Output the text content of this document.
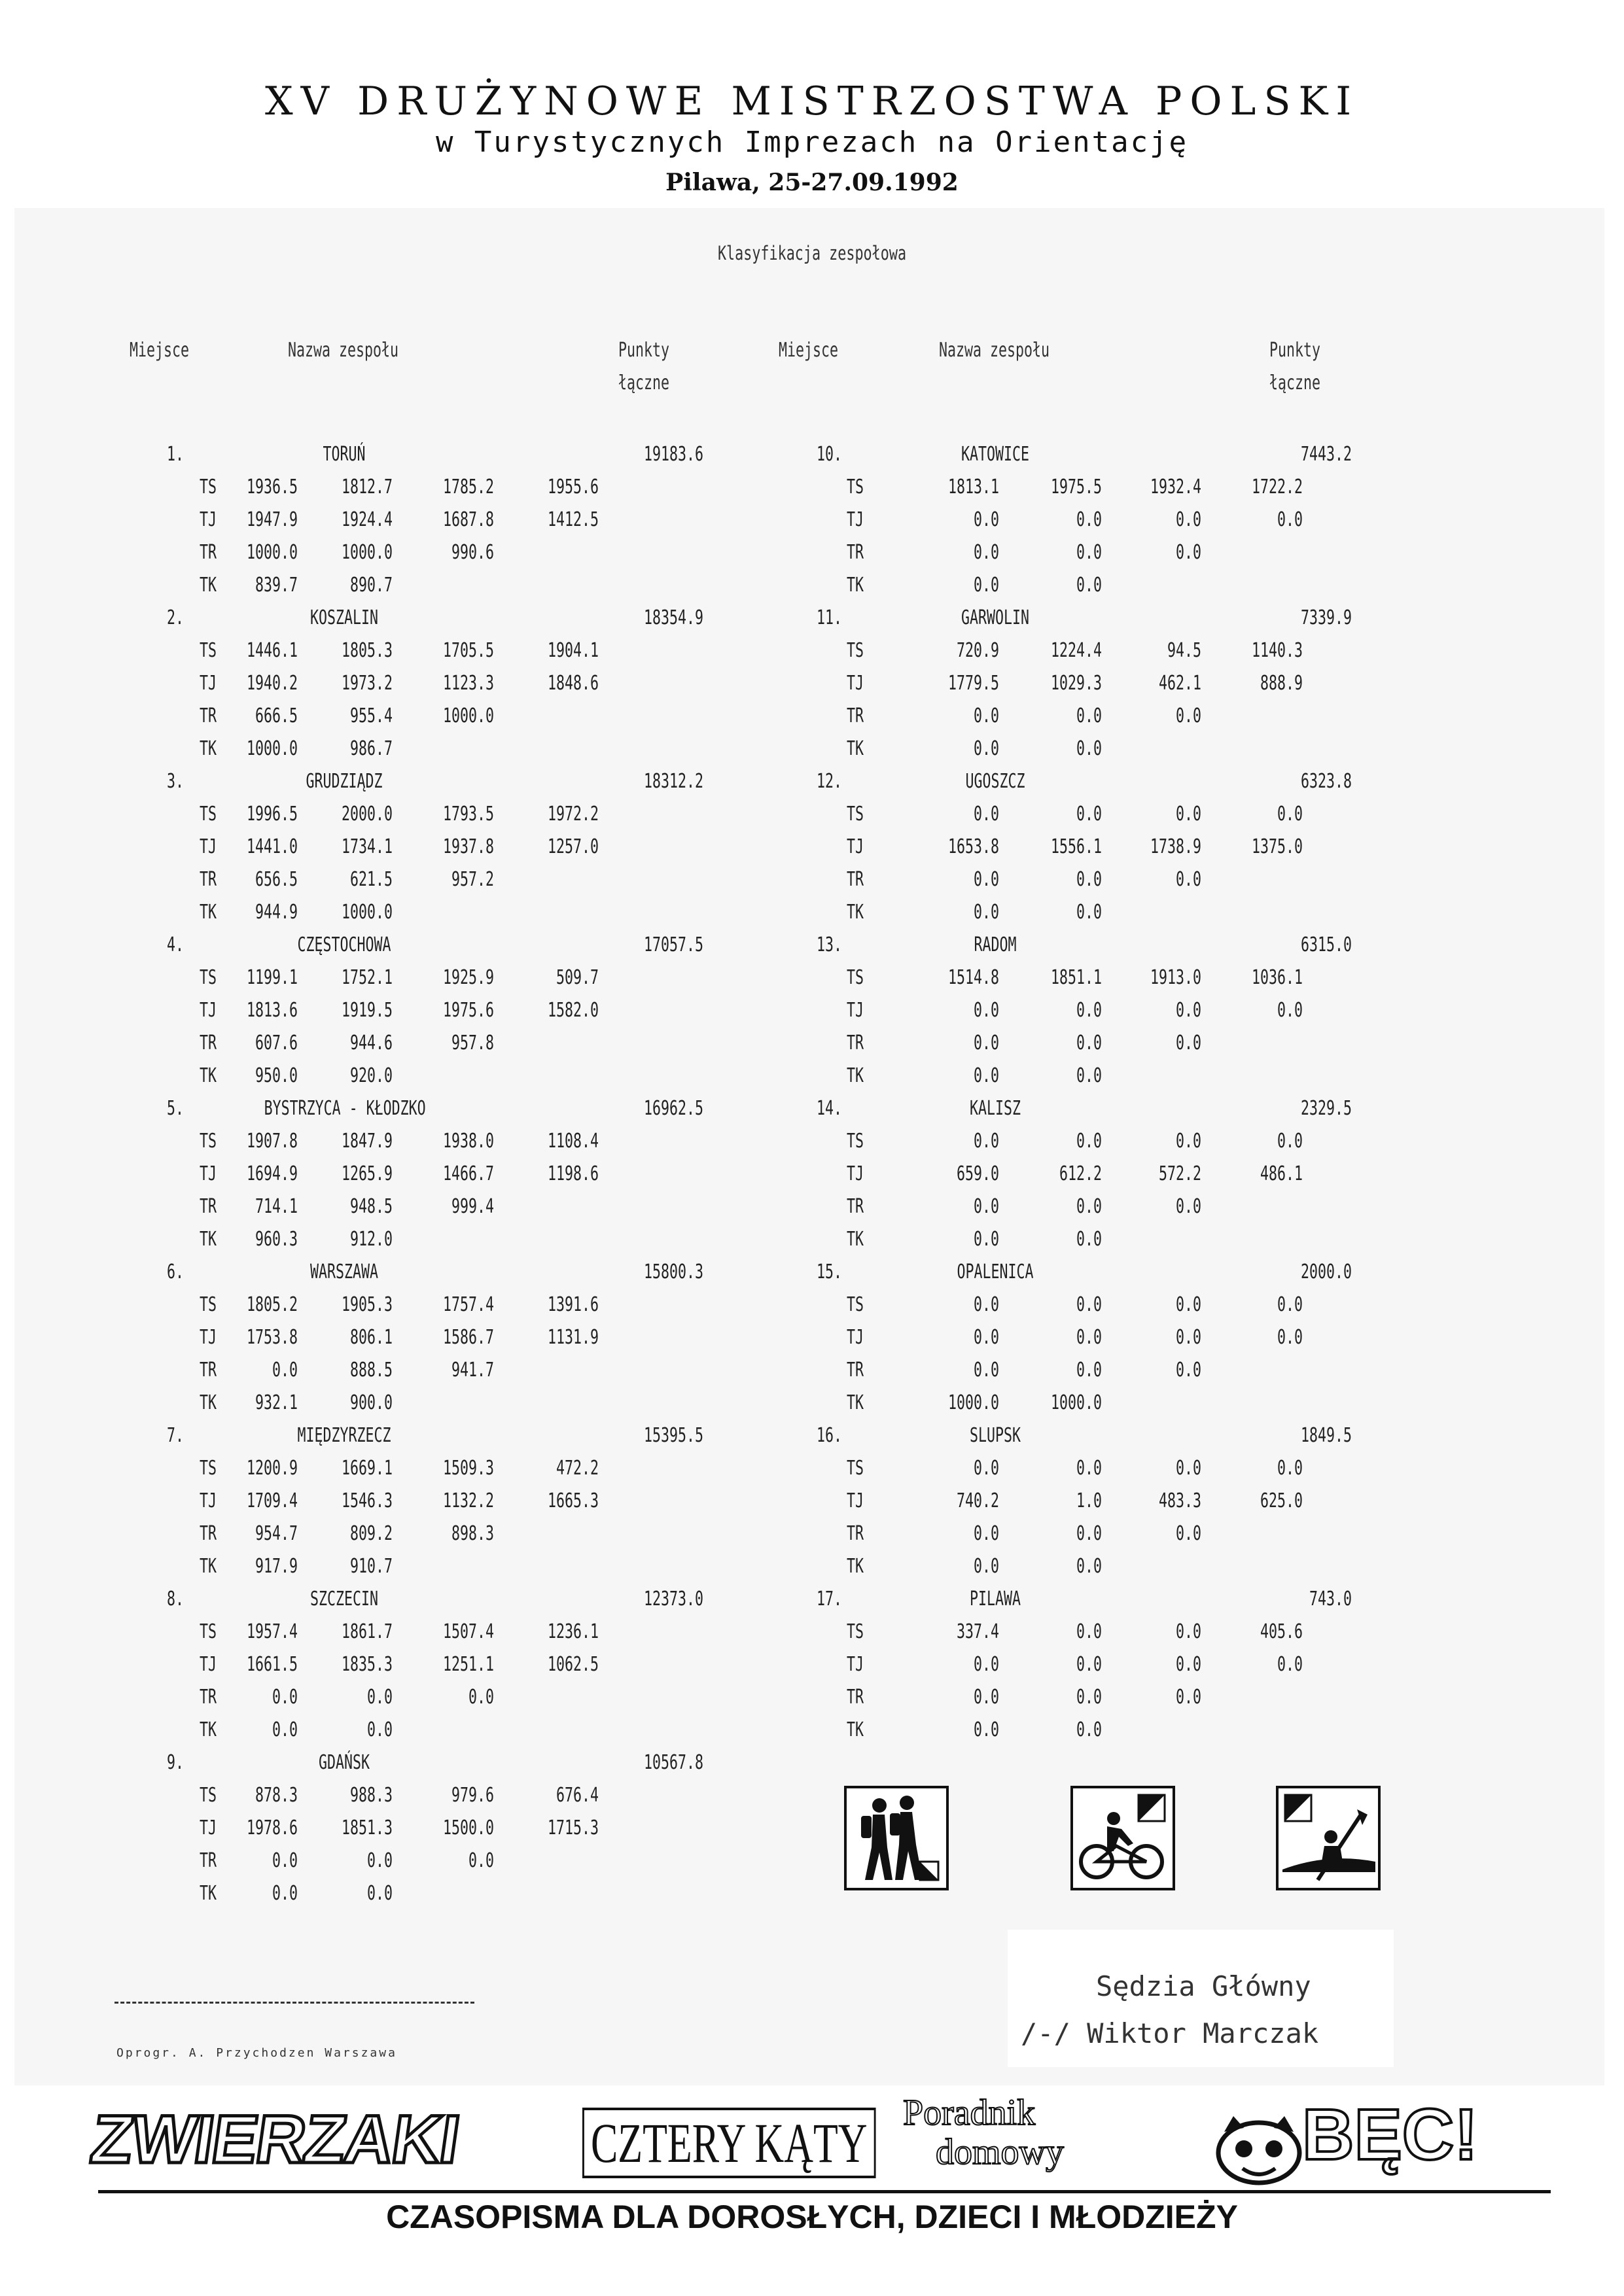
XV DRUŻYNOWE MISTRZOSTWA POLSKI
w Turystycznych Imprezach na Orientację
Pilawa, 25-27.09.1992
Klasyfikacja zespołowa
Miejsce	Nazwa zespołu	Punkty
łączne
Miejsce	Nazwa zespołu	Punkty
łączne
1.	TORUŃ	19183.6
TS 1936.5 1812.7	1785.2	1955.6
TJ 1947.9 1924.4	1687.8	1412.5
TR 1000.0 1000.0	990.6
TK	839.7	890.7
2.	KOSZALIN	18354.9
TS 1446.1 1805.3	1705.5	1904.1
TJ 1940.2 1973.2	1123.3	1848.6
TR	666.5	955.4	1000.0
TK 1000.0	986.7
3.	GRUDZIĄDZ	18312.2
TS 1996.5 2000.0	1793.5	1972.2
TJ 1441.0 1734.1	1937.8	1257.0
TR	656.5	621.5	957.2
TK	944.9 1000.0
4.	CZĘSTOCHOWA	17057.5
TS 1199.1 1752.1	1925.9	509.7
TJ 1813.6 1919.5	1975.6	1582.0
TR	607.6	944.6	957.8
TK	950.0	920.0
5.	BYSTRZYCA - KŁODZKO	16962.5
TS 1907.8 1847.9	1938.0	1108.4
TJ 1694.9 1265.9	1466.7	1198.6
TR	714.1	948.5	999.4
TK	960.3	912.0
6.	WARSZAWA	15800.3
TS 1805.2 1905.3	1757.4	1391.6
TJ 1753.8	806.1	1586.7	1131.9
TR	0.0	888.5	941.7
TK	932.1	900.0
7.	MIĘDZYRZECZ	15395.5
TS 1200.9 1669.1	1509.3	472.2
TJ 1709.4 1546.3	1132.2	1665.3
TR	954.7	809.2	898.3
TK	917.9	910.7
8.	SZCZECIN	12373.0
TS 1957.4 1861.7	1507.4	1236.1
TJ 1661.5 1835.3	1251.1	1062.5
TR	0.0	0.0	0.0
TK	0.0	0.0
9.	GDAŃSK	10567.8
TS	878.3	988.3	979.6	676.4
TJ 1978.6 1851.3	1500.0	1715.3
TR	0.0	0.0	0.0
TK	0.0	0.0
10.	KATOWICE	7443.2
TS	1813.1	1975.5 1932.4	1722.2
TJ	0.0	0.0	0.0	0.0
TR	0.0	0.0	0.0
TK	0.0	0.0
11.	GARWOLIN	7339.9
TS	720.9	1224.4	94.5	1140.3
TJ	1779.5	1029.3	462.1	888.9
TR	0.0	0.0	0.0
TK	0.0	0.0
12.	UGOSZCZ	6323.8
TS	0.0	0.0	0.0	0.0
TJ	1653.8	1556.1 1738.9	1375.0
TR	0.0	0.0	0.0
TK	0.0	0.0
13.	RADOM	6315.0
TS	1514.8	1851.1 1913.0	1036.1
TJ	0.0	0.0	0.0	0.0
TR	0.0	0.0	0.0
TK	0.0	0.0
14.	KALISZ	2329.5
TS	0.0	0.0	0.0	0.0
TJ	659.0	612.2	572.2	486.1
TR	0.0	0.0	0.0
TK	0.0	0.0
15.	OPALENICA	2000.0
TS	0.0	0.0	0.0	0.0
TJ	0.0	0.0	0.0	0.0
TR	0.0	0.0	0.0
TK	1000.0	1000.0
16.	SLUPSK	1849.5
TS	0.0	0.0	0.0	0.0
TJ	740.2	1.0	483.3	625.0
TR	0.0	0.0	0.0
TK	0.0	0.0
17.	PILAWA	743.0
TS	337.4	0.0	0.0	405.6
TJ	0.0	0.0	0.0	0.0
TR	0.0	0.0	0.0
TK	0.0	0.0
Sędzia Główny
/-/ Wiktor Marczak
Oprogr. A. Przychodzen Warszawa
ZWIERZAKI CZTERY KĄTY Poradnik
domowy

	BĘC!
CZASOPISMA DLA DOROSŁYCH, DZIECI I MŁODZIEŻY
